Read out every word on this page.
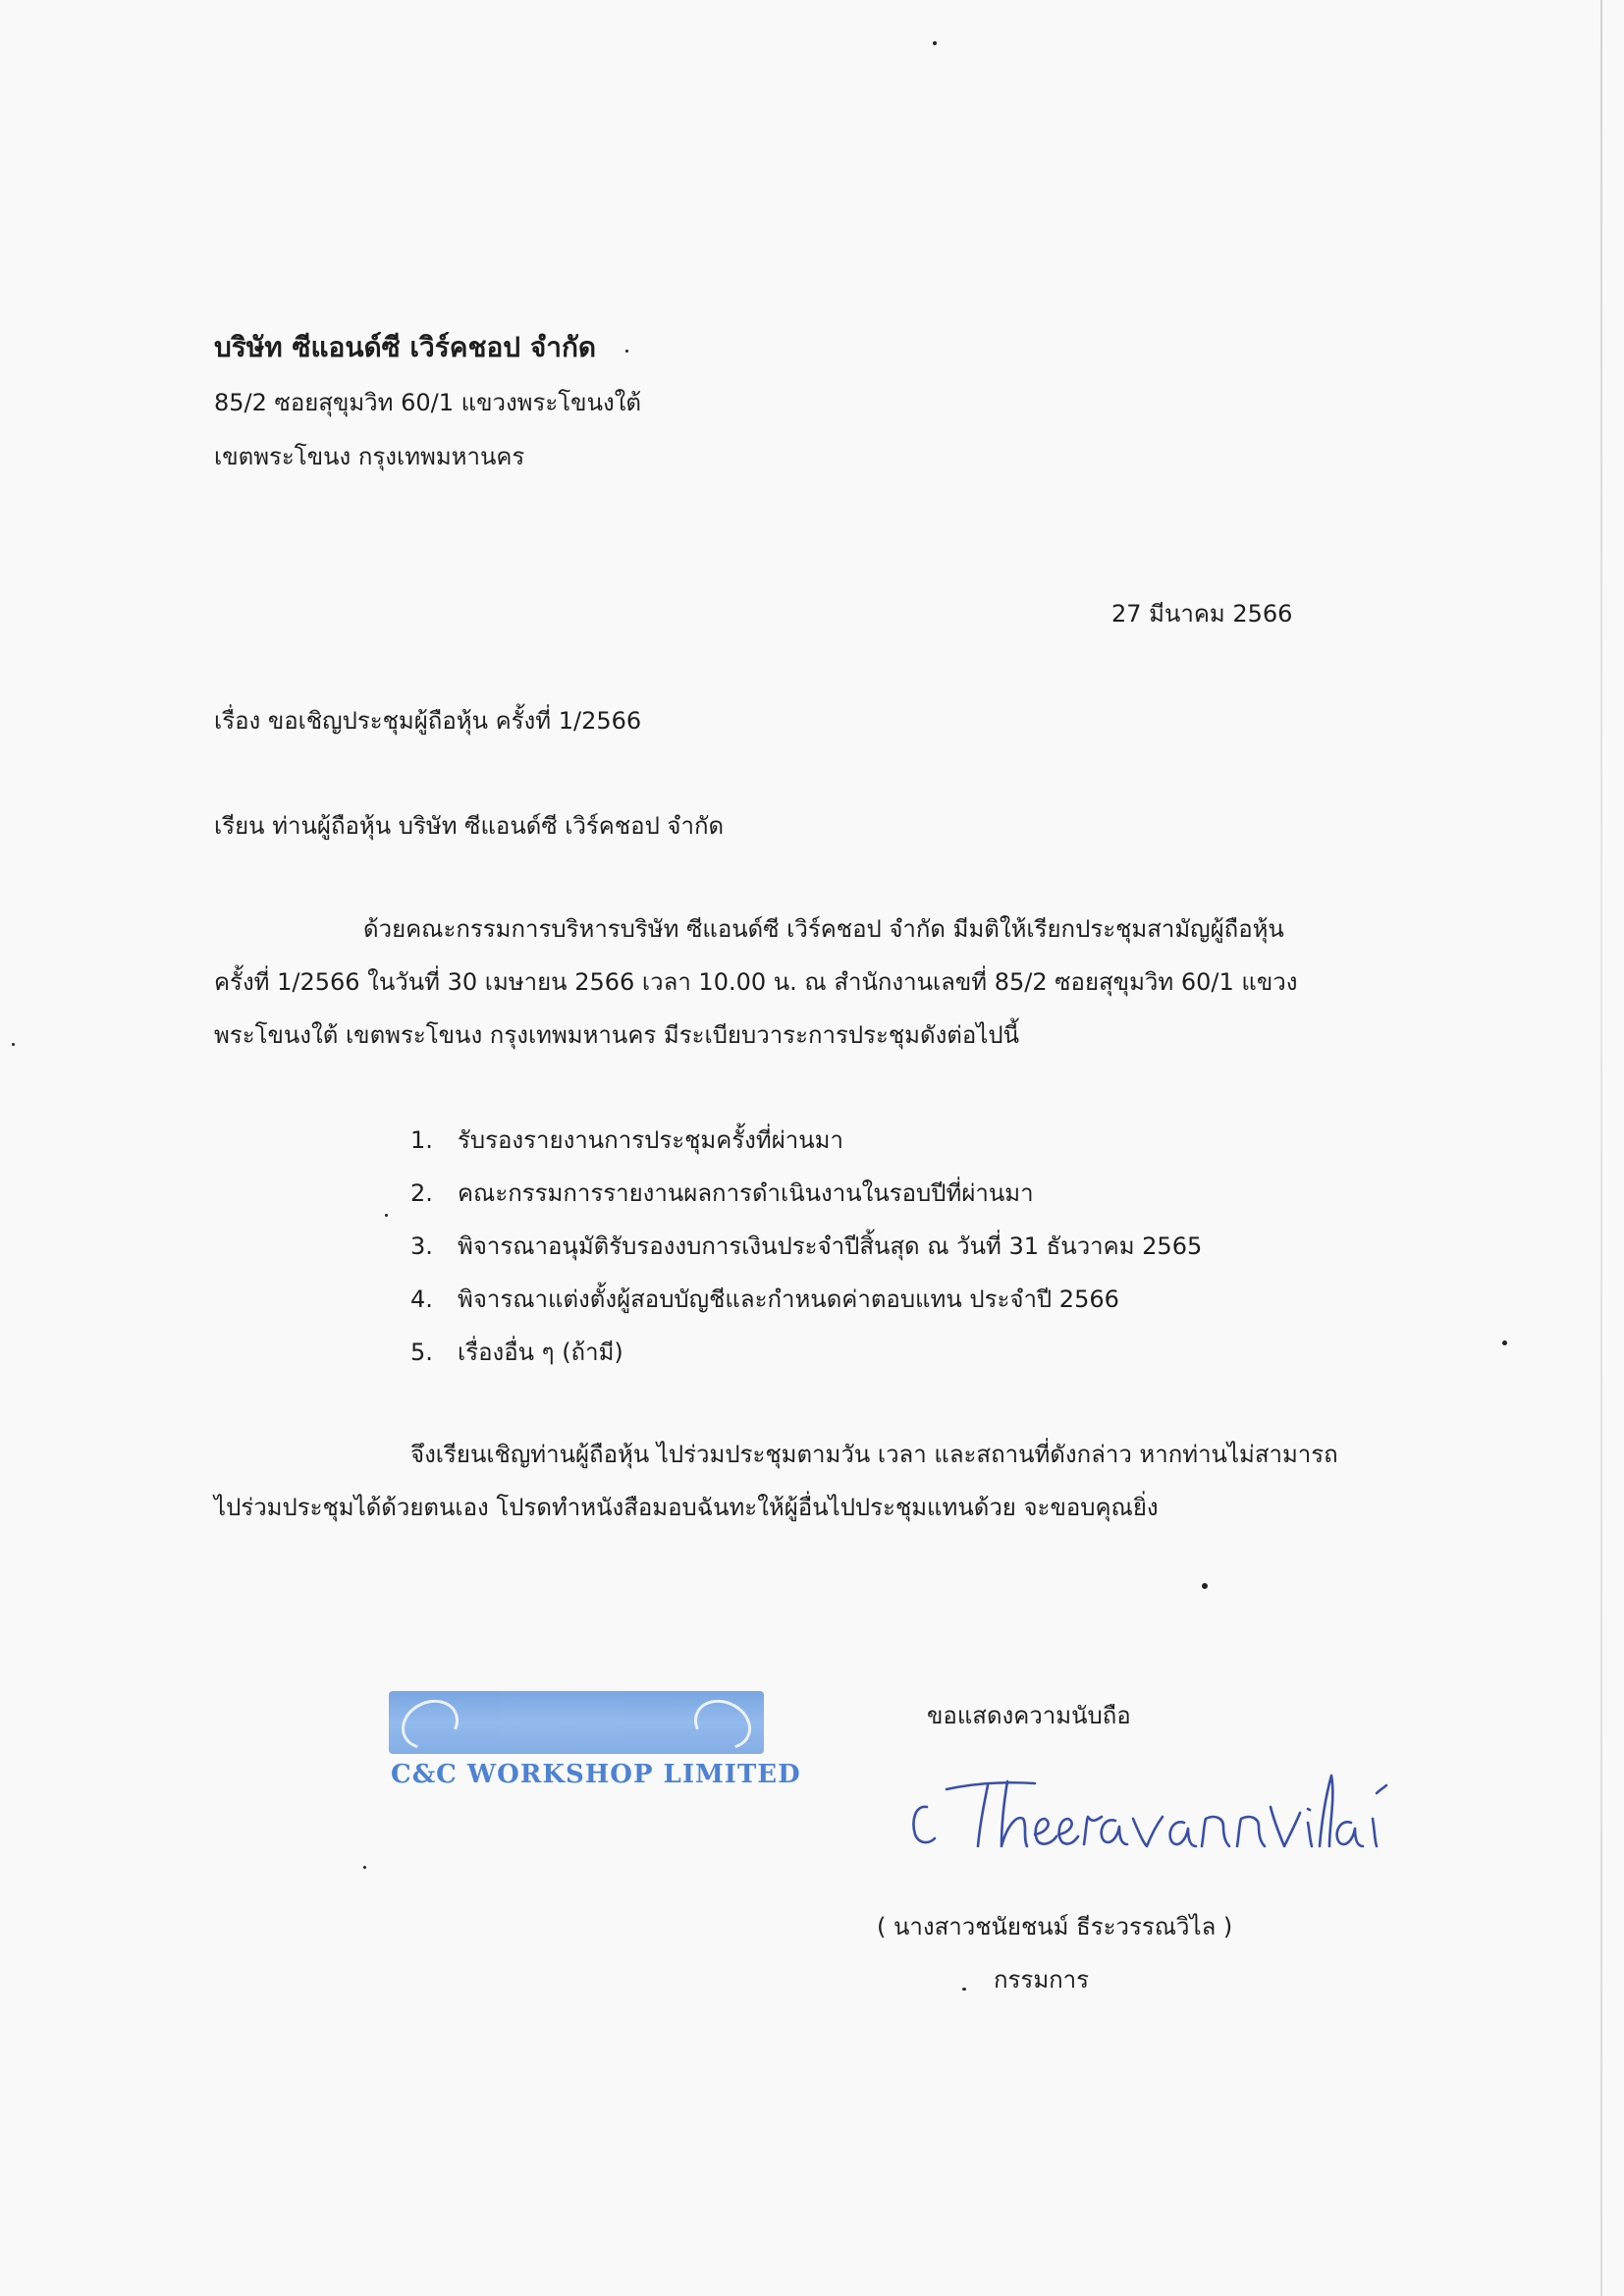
บริษัท ซีแอนด์ซี เวิร์คชอป จำกัด
85/2 ซอยสุขุมวิท 60/1 แขวงพระโขนงใต้
เขตพระโขนง กรุงเทพมหานคร
27 มีนาคม 2566
เรื่อง ขอเชิญประชุมผู้ถือหุ้น ครั้งที่ 1/2566
เรียน ท่านผู้ถือหุ้น บริษัท ซีแอนด์ซี เวิร์คชอป จำกัด
ด้วยคณะกรรมการบริหารบริษัท ซีแอนด์ซี เวิร์คชอป จำกัด มีมติให้เรียกประชุมสามัญผู้ถือหุ้น
ครั้งที่ 1/2566 ในวันที่ 30 เมษายน 2566 เวลา 10.00 น. ณ สำนักงานเลขที่ 85/2 ซอยสุขุมวิท 60/1 แขวง
พระโขนงใต้ เขตพระโขนง กรุงเทพมหานคร มีระเบียบวาระการประชุมดังต่อไปนี้
1. รับรองรายงานการประชุมครั้งที่ผ่านมา
2. คณะกรรมการรายงานผลการดำเนินงานในรอบปีที่ผ่านมา
3. พิจารณาอนุมัติรับรองงบการเงินประจำปีสิ้นสุด ณ วันที่ 31 ธันวาคม 2565
4. พิจารณาแต่งตั้งผู้สอบบัญชีและกำหนดค่าตอบแทน ประจำปี 2566
5. เรื่องอื่น ๆ (ถ้ามี)
จึงเรียนเชิญท่านผู้ถือหุ้น ไปร่วมประชุมตามวัน เวลา และสถานที่ดังกล่าว หากท่านไม่สามารถ
ไปร่วมประชุมได้ด้วยตนเอง โปรดทำหนังสือมอบฉันทะให้ผู้อื่นไปประชุมแทนด้วย จะขอบคุณยิ่ง
C&C WORKSHOP LIMITED
ขอแสดงความนับถือ
( นางสาวชนัยชนม์ ธีระวรรณวิไล )
กรรมการ
